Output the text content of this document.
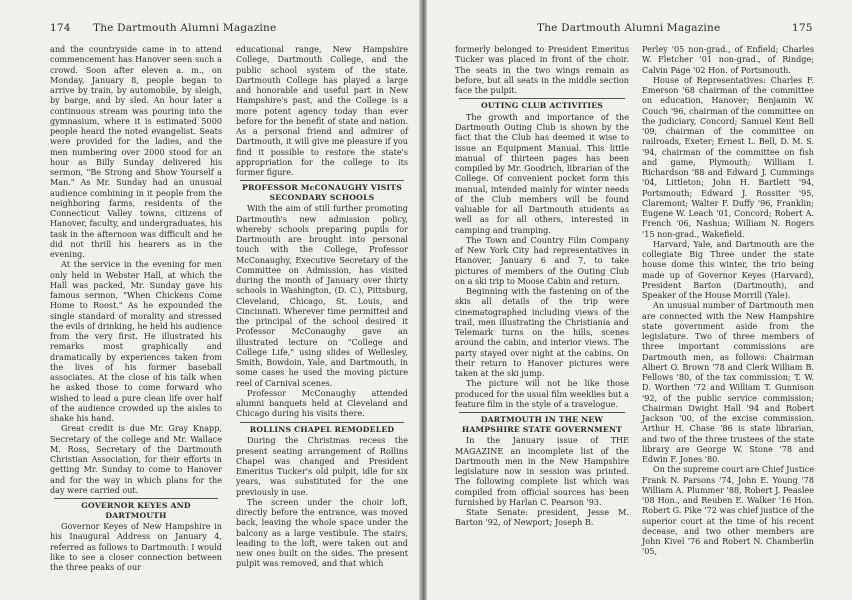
174 The Dartmouth Alumni Magazine

and the countryside came in to attend commencement has Hanover seen such a crowd. Soon after eleven a. m., on Monday, January 8, people began to arrive by train, by automobile, by sleigh, by barge, and by sled. An hour later a continuous stream was pouring into the gymnasium, where it is estimated 5000 people heard the noted evangelist. Seats were provided for the ladies, and the men numbering over 2000 stood for an hour as Billy Sunday delivered his sermon, "Be Strong and Show Yourself a Man." As Mr. Sunday had an unusual audience combining in it people from the neighboring farms, residents of the Connecticut Valley towns, citizens of Hanover, faculty, and undergraduates, his task in the afternoon was difficult and he did not thrill his hearers as in the evening.

At the service in the evening for men only held in Webster Hall, at which the Hall was packed, Mr. Sunday gave his famous sermon, "When Chickens Come Home to Roost." As he expounded the single standard of morality and stressed the evils of drinking, he held his audience from the very first. He illustrated his remarks most graphically and dramatically by experiences taken from the lives of his former baseball associates. At the close of his talk when he asked those to come forward who wished to lead a pure clean life over half of the audience crowded up the aisles to shake his hand.

Great credit is due Mr. Gray Knapp, Secretary of the college and Mr. Wallace M. Ross, Secretary of the Dartmouth Christian Association, for their efforts in getting Mr. Sunday to come to Hanover and for the way in which plans for the day were carried out.

GOVERNOR KEYES AND DARTMOUTH

Governor Keyes of New Hampshire in his Inaugural Address on January 4, referred as follows to Dartmouth: I would like to see a closer connection between the three peaks of our

educational range, New Hampshire College, Dartmouth College, and the public school system of the state. Dartmouth College has played a large and honorable and useful part in New Hampshire's past, and the College is a more potent agency today than ever before for the benefit of state and nation. As a personal friend and admirer of Dartmouth, it will give me pleasure if you find it possible to restore the state's appropriation for the college to its former figure.

PROFESSOR McCONAUGHY VISITS SECONDARY SCHOOLS

With the aim of still further promoting Dartmouth's new admission policy, whereby schools preparing pupils for Dartmouth are brought into personal touch with the College, Professor McConaughy, Executive Secretary of the Committee on Admission, has visited during the month of January over thirty schools in Washington, (D. C.), Pittsburg, Cleveland, Chicago, St. Louis, and Cincinnati. Wherever time permitted and the principal of the school desired it Professor McConaughy gave an illustrated lecture on "College and College Life," using slides of Wellesley, Smith, Bowdoin, Yale, and Dartmouth, in some cases he used the moving picture reel of Carnival scenes.

Professor McConaughy attended alumni banquets held at Cleveland and Chicago during his visits there.

ROLLINS CHAPEL REMODELED

During the Christmas recess the present seating arrangement of Rollins Chapel was changed and President Emeritus Tucker's old pulpit, idle for six years, was substituted for the one previously in use.

The screen under the choir loft, directly before the entrance, was moved back, leaving the whole space under the balcony as a large vestibule. The stairs, leading to the loft, were taken out and new ones built on the sides. The present pulpit was removed, and that which

The Dartmouth Alumni Magazine	175

formerly belonged to President Emeritus Tucker was placed in front of the choir. The seats in the two wings remain as before, but all seats in the middle section face the pulpit.

OUTING CLUB ACTIVITIES

The growth and importance of the Dartmouth Outing Club is shown by the fact that the Club has deemed it wise to issue an Equipment Manual. This little manual of thirteen pages has been compiled by Mr. Goodrich, librarian of the College. Of convenient pocket form this manual, intended mainly for winter needs of the Club members will be found valuable for all Dartmouth students as well as for all others, interested in camping and tramping.

The Town and Country Film Company of New York City had representatives in Hanover, January 6 and 7, to take pictures of members of the Outing Club on a ski trip to Moose Cabin and return.

Beginning with the fastening on of the skis all details of the trip were cinematographed including views of the trail, men illustrating the Christiania and Telemark turns on the hills, scenes around the cabin, and interior views. The party stayed over night at the cabins. On their return to Hanover pictures were taken at the ski jump.

The picture will not be like those produced for the usual film weeklies but a feature film in the style of a travelogue.

DARTMOUTH IN THE NEW HAMPSHIRE STATE GOVERNMENT

In the January issue of THE MAGAZINE an incomplete list of the Dartmouth men in the New Hampshire legislature now in session was printed. The following complete list which was compiled from official sources has been furnished by Harlan C. Pearson '93.

State Senate: president, Jesse M. Barton '92, of Newport; Joseph B.

Perley '05 non-grad., of Enfield; Charles W. Fletcher '01 non-grad., of Rindge; Calvin Page '02 Hon. of Portsmouth.

House of Representatives: Charles F. Emerson '68 chairman of the committee on education, Hanover; Benjamin W. Couch '96, chairman of the committee on the judiciary, Concord; Samuel Kent Bell '09, chairman of the committee on railroads, Exeter; Ernest L. Bell, D. M. S. '94, chairman of the committee on fish and game, Plymouth; William I. Richardson '88 and Edward J. Cummings '04, Littleton; John H. Bartlett '94, Portsmouth; Edward J. Rossiter '95, Claremont; Walter F. Duffy '96, Franklin; Eugene W. Leach '01, Concord; Robert A. French '06, Nashua; William N. Rogers '15 non-grad., Wakefield.

Harvard, Yale, and Dartmouth are the collegiate Big Three under the state house dome this winter, the trio being made up of Governor Keyes (Harvard), President Barton (Dartmouth), and Speaker of the House Morrill (Yale).

An unusual number of Dartmouth men are connected with the New Hampshire state government aside from the legislature. Two of three members of three important commissions are Dartmouth men, as follows: Chairman Albert O. Brown '78 and Clerk William B. Fellows '80, of the tax commission; T. W. D. Worthen '72 and William T. Gunnison '92, of the public service commission; Chairman Dwight Hall '94 and Robert Jackson '00, of the excise commission. Arthur H. Chase '86 is state librarian, and two of the three trustees of the state library are George W. Stone '78 and Edwin F. Jones '80.

On the supreme court are Chief Justice Frank N. Parsons '74, John E. Young '78 William A. Plummer '88, Robert J. Peaslee '08 Hon., and Reuben E. Walker '16 Hon. Robert G. Pike '72 was chief justice of the superior court at the time of his recent decease, and two other members are John Kivel '76 and Robert N. Chamberlin '05,
